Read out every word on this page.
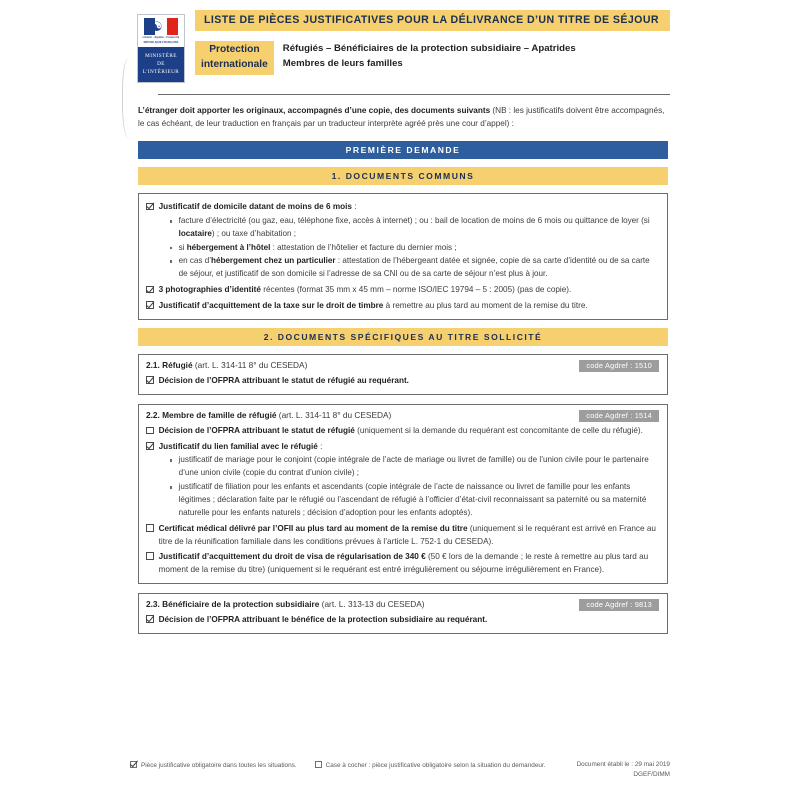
☯
Liberté · Égalité · Fraternité
RÉPUBLIQUE FRANÇAISE
MINISTÈRE
DE
L'INTÉRIEUR
LISTE DE PIÈCES JUSTIFICATIVES POUR LA DÉLIVRANCE D’UN TITRE DE SÉJOUR
Protection
internationale
Réfugiés – Bénéficiaires de la protection subsidiaire – Apatrides
Membres de leurs familles
L’étranger doit apporter les originaux, accompagnés d’une copie, des documents suivants (NB : les justificatifs doivent être accompagnés, le cas échéant, de leur traduction en français par un traducteur interprète agréé près une cour d’appel) :
PREMIÈRE DEMANDE
1. DOCUMENTS COMMUNS
Justificatif de domicile datant de moins de 6 mois :
facture d’électricité (ou gaz, eau, téléphone fixe, accès à internet) ; ou : bail de location de moins de 6 mois ou quittance de loyer (si locataire) ; ou taxe d’habitation ;
si hébergement à l’hôtel : attestation de l’hôtelier et facture du dernier mois ;
en cas d’hébergement chez un particulier : attestation de l’hébergeant datée et signée, copie de sa carte d’identité ou de sa carte de séjour, et justificatif de son domicile si l’adresse de sa CNI ou de sa carte de séjour n’est plus à jour.
3 photographies d’identité récentes (format 35 mm x 45 mm – norme ISO/IEC 19794 – 5 : 2005) (pas de copie).
Justificatif d’acquittement de la taxe sur le droit de timbre à remettre au plus tard au moment de la remise du titre.
2. DOCUMENTS SPÉCIFIQUES AU TITRE SOLLICITÉ
2.1. Réfugié (art. L. 314-11 8° du CESEDA)	code Agdref : 1510
Décision de l’OFPRA attribuant le statut de réfugié au requérant.
2.2. Membre de famille de réfugié (art. L. 314-11 8° du CESEDA)	code Agdref : 1514
Décision de l’OFPRA attribuant le statut de réfugié (uniquement si la demande du requérant est concomitante de celle du réfugié).
Justificatif du lien familial avec le réfugié :
justificatif de mariage pour le conjoint (copie intégrale de l’acte de mariage ou livret de famille) ou de l’union civile pour le partenaire d’une union civile (copie du contrat d’union civile) ;
justificatif de filiation pour les enfants et ascendants (copie intégrale de l’acte de naissance ou livret de famille pour les enfants légitimes ; déclaration faite par le réfugié ou l’ascendant de réfugié à l’officier d’état-civil reconnaissant sa paternité ou sa maternité naturelle pour les enfants naturels ; décision d’adoption pour les enfants adoptés).
Certificat médical délivré par l’OFII au plus tard au moment de la remise du titre (uniquement si le requérant est arrivé en France au titre de la réunification familiale dans les conditions prévues à l’article L. 752-1 du CESEDA).
Justificatif d’acquittement du droit de visa de régularisation de 340 € (50 € lors de la demande ; le reste à remettre au plus tard au moment de la remise du titre) (uniquement si le requérant est entré irrégulièrement ou séjourne irrégulièrement en France).
2.3. Bénéficiaire de la protection subsidiaire (art. L. 313-13 du CESEDA)	code Agdref : 9813
Décision de l’OFPRA attribuant le bénéfice de la protection subsidiaire au requérant.
Pièce justificative obligatoire dans toutes les situations.	Case à cocher : pièce justificative obligatoire selon la situation du demandeur.	Document établi le : 29 mai 2019
DGEF/DIMM
